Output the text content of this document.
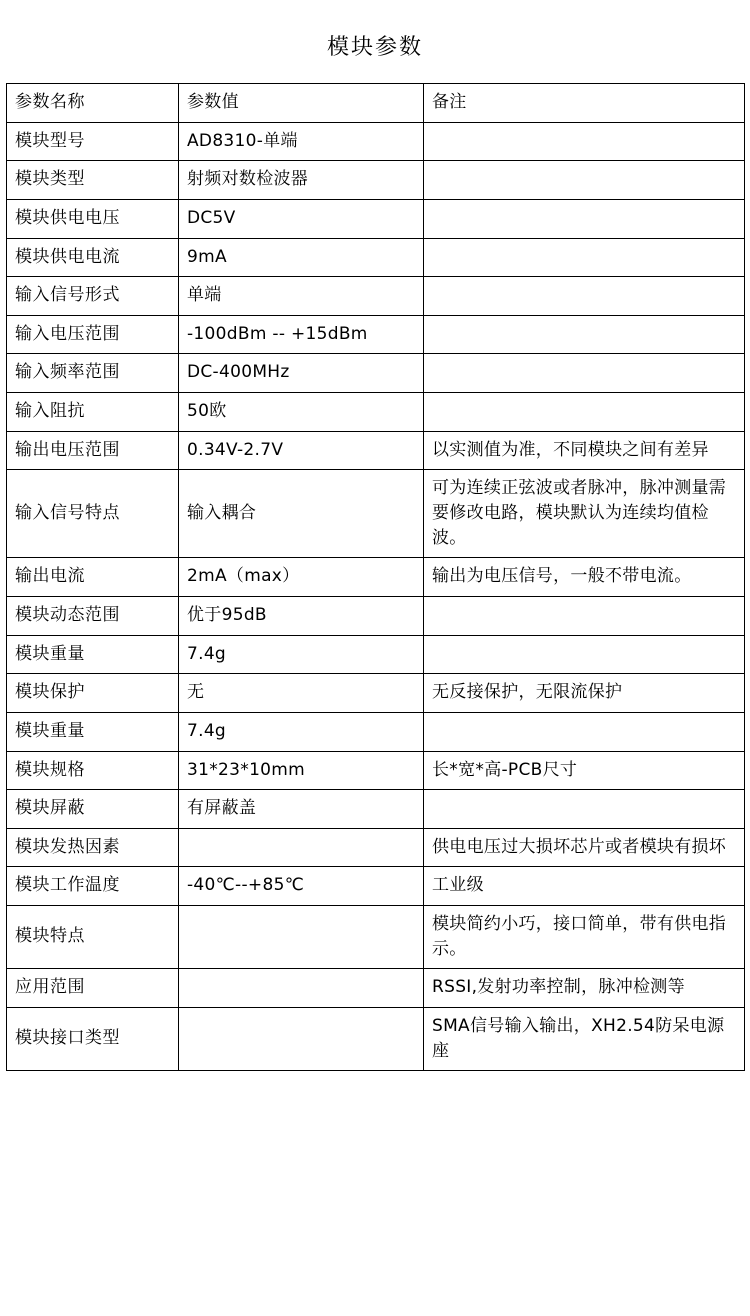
模块参数
参数名称	参数值	备注
模块型号	AD8310-单端	
模块类型	射频对数检波器	
模块供电电压	DC5V	
模块供电电流	9mA	
输入信号形式	单端	
输入电压范围	-100dBm -- +15dBm	
输入频率范围	DC-400MHz	
输入阻抗	50欧	
输出电压范围	0.34V-2.7V	以实测值为准，不同模块之间有差异
输入信号特点	输入耦合	可为连续正弦波或者脉冲，脉冲测量需要修改电路，模块默认为连续均值检波。
输出电流	2mA（max）	输出为电压信号，一般不带电流。
模块动态范围	优于95dB	
模块重量	7.4g	
模块保护	无	无反接保护，无限流保护
模块重量	7.4g	
模块规格	31*23*10mm	长*宽*高-PCB尺寸
模块屏蔽	有屏蔽盖	
模块发热因素		供电电压过大损坏芯片或者模块有损坏
模块工作温度	-40℃--+85℃	工业级
模块特点		模块简约小巧，接口简单，带有供电指示。
应用范围		RSSI,发射功率控制，脉冲检测等
模块接口类型		SMA信号输入输出，XH2.54防呆电源座
